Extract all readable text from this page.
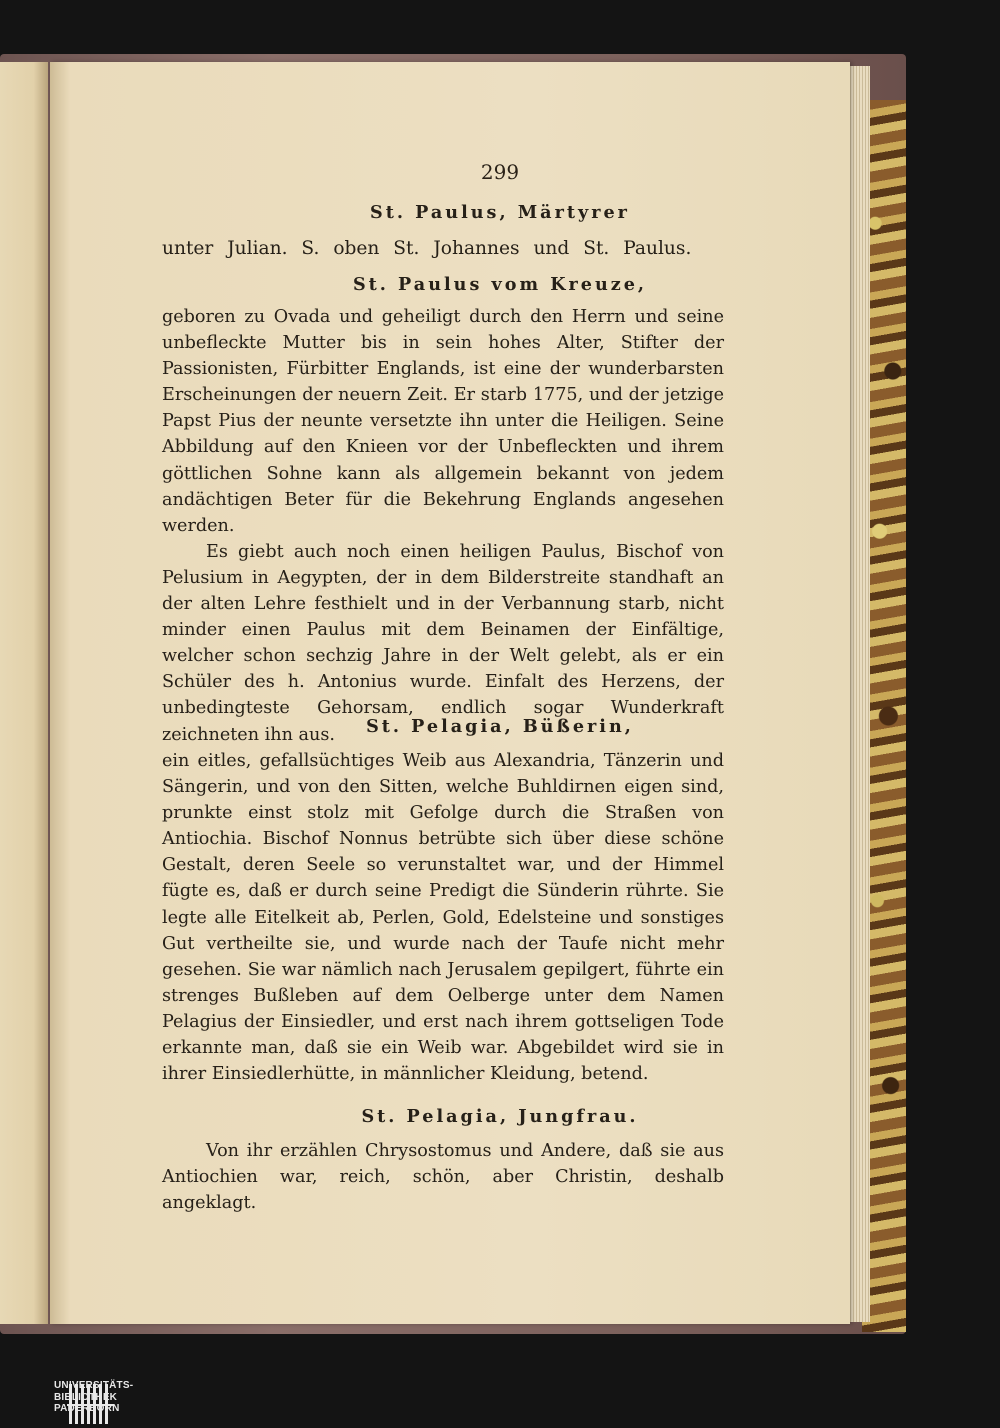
299
St. Paulus, Märtyrer
unter Julian. S. oben St. Johannes und St. Paulus.
St. Paulus vom Kreuze,

geboren zu Ovada und geheiligt durch den Herrn und seine unbefleckte Mutter bis in sein hohes Alter, Stifter der Passionisten, Fürbitter Englands, ist eine der wunderbarsten Erscheinungen der neuern Zeit. Er starb 1775, und der jetzige Papst Pius der neunte versetzte ihn unter die Heiligen. Seine Abbildung auf den Knieen vor der Unbefleckten und ihrem göttlichen Sohne kann als allgemein bekannt von jedem andächtigen Beter für die Bekehrung Englands angesehen werden.

Es giebt auch noch einen heiligen Paulus, Bischof von Pelusium in Aegypten, der in dem Bilderstreite standhaft an der alten Lehre festhielt und in der Verbannung starb, nicht minder einen Paulus mit dem Beinamen der Einfältige, welcher schon sechzig Jahre in der Welt gelebt, als er ein Schüler des h. Antonius wurde. Einfalt des Herzens, der unbedingteste Gehorsam, endlich sogar Wunderkraft zeichneten ihn aus.	St. Pelagia, Büßerin,

ein eitles, gefallsüchtiges Weib aus Alexandria, Tänzerin und Sängerin, und von den Sitten, welche Buhldirnen eigen sind, prunkte einst stolz mit Gefolge durch die Straßen von Antiochia. Bischof Nonnus betrübte sich über diese schöne Gestalt, deren Seele so verunstaltet war, und der Himmel fügte es, daß er durch seine Predigt die Sünderin rührte. Sie legte alle Eitelkeit ab, Perlen, Gold, Edelsteine und sonstiges Gut vertheilte sie, und wurde nach der Taufe nicht mehr gesehen. Sie war nämlich nach Jerusalem gepilgert, führte ein strenges Bußleben auf dem Oelberge unter dem Namen Pelagius der Einsiedler, und erst nach ihrem gottseligen Tode erkannte man, daß sie ein Weib war. Abgebildet wird sie in ihrer Einsiedlerhütte, in männlicher Kleidung, betend.

St. Pelagia, Jungfrau.

Von ihr erzählen Chrysostomus und Andere, daß sie aus Antiochien war, reich, schön, aber Christin, deshalb angeklagt.

UNIVERSITÄTS-
BIBLIOTHEK
PADERBORN
